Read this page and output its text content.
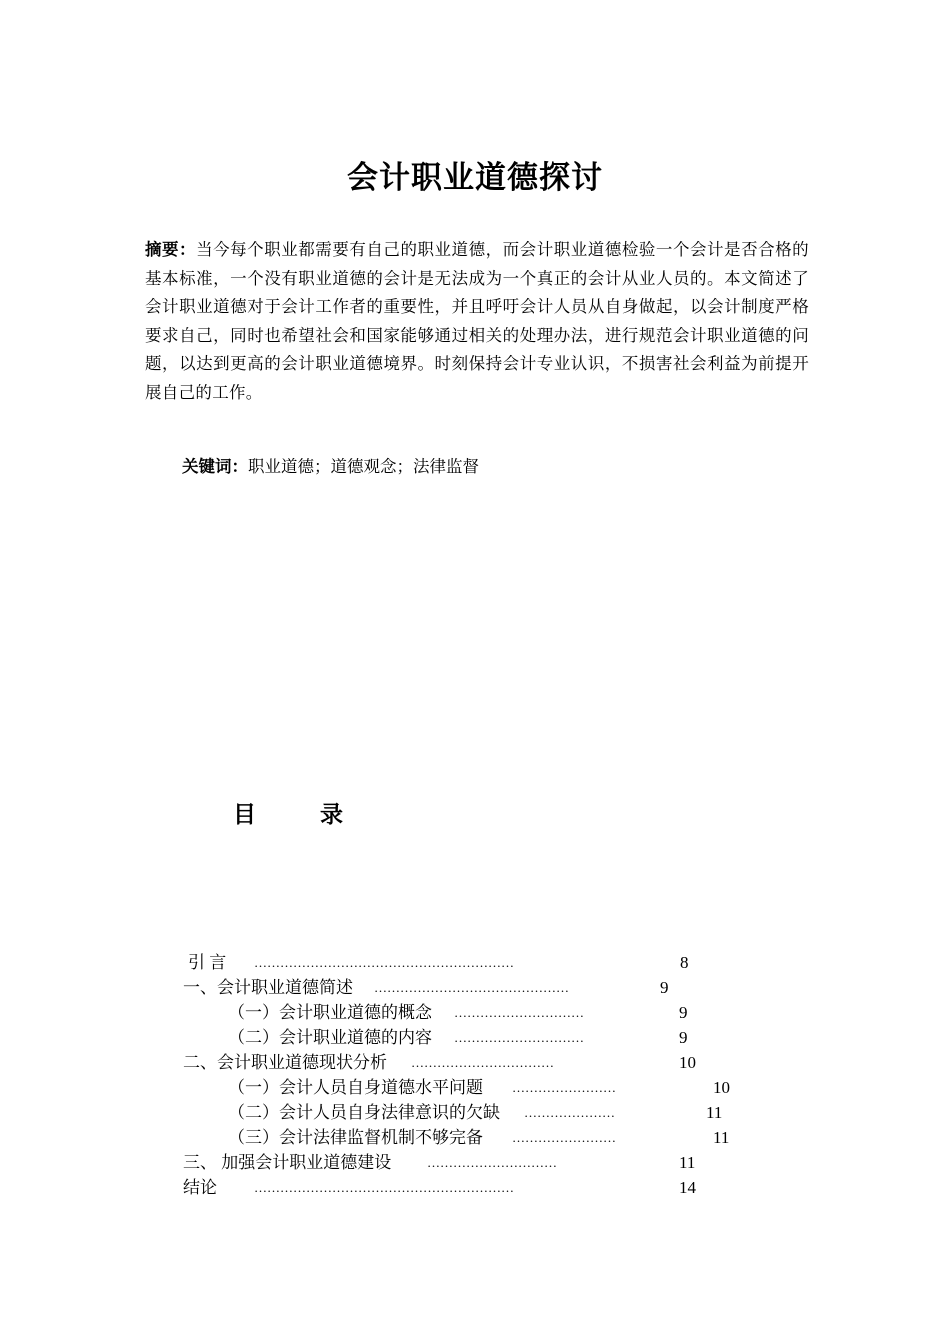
会计职业道德探讨
摘要：当今每个职业都需要有自己的职业道德，而会计职业道德检验一个会计是否合格的基本标准，一个没有职业道德的会计是无法成为一个真正的会计从业人员的。本文简述了会计职业道德对于会计工作者的重要性，并且呼吁会计人员从自身做起，以会计制度严格要求自己，同时也希望社会和国家能够通过相关的处理办法，进行规范会计职业道德的问题，以达到更高的会计职业道德境界。时刻保持会计专业认识，不损害社会利益为前提开展自己的工作。
关键词：职业道德；道德观念；法律监督
目        录
引 言 ……………………………………………………	8
一、会计职业道德简述 ………………………………………	9
（一）会计职业道德的概念 …………………………	9
（二）会计职业道德的内容 …………………………	9
二、会计职业道德现状分析 ……………………………	10
（一）会计人员自身道德水平问题 ……………………	10
（二）会计人员自身法律意识的欠缺 …………………	11
（三）会计法律监督机制不够完备 ……………………	11
三、 加强会计职业道德建设	…………………………	11
结论	……………………………………………………	14
